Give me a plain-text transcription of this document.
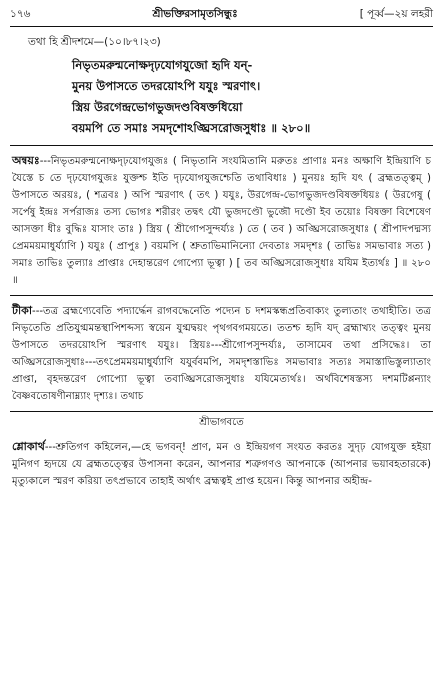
১৭৬	শ্রীভক্তিরসামৃতসিন্ধুঃ	[ পূর্ব্ব—২য় লহরী
তথা হি শ্রীদশমে—(১০।৮৭।২৩)
নিভৃতমরুন্মনোক্ষদৃঢ়যোগযুজো হৃদি যন্-
মুনয় উপাসতে তদরয়োঽপি যযুঃ স্মরণাৎ।
স্ত্রিয় উরগেন্দ্রভোগভুজদণ্ডবিষক্তধিয়ো
বয়মপি তে সমাঃ সমদৃশোঽঙ্ঘ্রিসরোজসুধাঃ ॥ ২৮০॥

অন্বয়ঃ---নিভৃতমরুন্মনোক্ষদৃঢ়যোগযুজঃ ( নিভৃতানি সংযমিতানি মরুতঃ প্রাণাঃ মনঃ অক্ষাণি ইন্দ্রিয়াণি চ যৈস্তে চ তে দৃঢ়যোগযুজঃ যুক্তশ্চ ইতি দৃঢ়যোগযুজশ্চেতি তথাবিধাঃ ) মুনয়ঃ হৃদি যৎ ( ব্রহ্মতত্ত্বম্ ) উপাসতে অরয়ঃ, ( শত্রবঃ ) অপি স্মরণাৎ ( তৎ ) যযুঃ, উরগেন্দ্র-ভোগভুজদণ্ডবিষক্তধিয়ঃ ( উরগেষু ( সর্পেষু ইন্দ্রঃ সর্পরাজঃ তস্য ভোগঃ শরীরং তদ্বৎ যৌ ভুজদণ্ডৌ ভুজৌ দণ্ডৌ ইব তয়োঃ বিষক্তা বিশেষেণ আসক্তা ধীঃ বুদ্ধিঃ যাসাং তাঃ ) স্ত্রিয় ( শ্রীগোপসুন্দর্য্যঃ ) তে ( তব ) অঙ্ঘ্রিসরোজসুধাঃ ( শ্রীপাদপদ্মস্য প্রেমময়মাধুর্য্যাণি ) যযুঃ ( প্রাপুঃ ) বয়মপি ( শ্রুতাভিমানিন্যো দেবতাঃ সমদৃশঃ ( তাভিঃ সমভাবাঃ সত্য ) সমাঃ তাভিঃ তুল্যাঃ প্রাপ্তাঃ দেহান্তরেণ গোপ্যো ভূত্বা ) [ তব অঙ্ঘ্রিসরোজসুধাঃ যযিম ইত্যর্থঃ ] ॥ ২৮০ ॥

টীকা---তত্র ব্রহ্মণ্যেবেতি পদ্যার্দ্ধেন রাগবদ্ধেনেতি পদ্যেন চ দশমস্কন্ধপ্রতিবাক্যং তুল্যতাং তথাহীতি। তত্র নিভৃতেতি প্রতিযুগ্মমন্তস্থাপিশব্দস্য স্বয়েন যুগ্মদ্বয়ং পৃথগবগময়তে। ততশ্চ হৃদি যদ্ ব্রহ্মাখ্যং তত্ত্বং মুনয় উপাসতে তদরয়োঽপি স্মরণাৎ যযুঃ। স্ত্রিয়ঃ---শ্রীগোপসুন্দর্য্যঃ, তাসামেব তথা প্রসিদ্ধেঃ। তা অঙ্ঘ্রিসরোজসুধাঃ---তৎপ্রেমময়মাধুর্য্যাণি যযুর্ববমপি, সমদৃশস্তাভিঃ সমভাবাঃ সত্যঃ সমাস্তাভিস্তুল্যাতাং প্রাপ্তা, বৃহদন্তরেণ গোপ্যো ভূত্বা তবাঙ্ঘ্রিসরোজসুধাঃ যযিমেত্যর্থঃ। অর্থবিশেষস্তস্য দশমটিপ্পন্যাং বৈষ্ণবতোষণীনাম্ন্যাং দৃশ্যঃ। তথাচ

শ্রীভাগবতে

শ্লোকার্থ---শ্রুতিগণ কহিলেন,—হে ভগবন্! প্রাণ, মন ও ইন্দ্রিয়গণ সংযত করতঃ সুদৃঢ় যোগযুক্ত হইয়া মুনিগণ হৃদয়ে যে ব্রহ্মতত্ত্বের উপাসনা করেন, আপনার শত্রুগণও আপনাকে (আপনার ভয়াবহতারকে) মৃত্যুকালে স্মরণ করিয়া তৎপ্রভাবে তাহাই অর্থাৎ ব্রহ্মত্বই প্রাপ্ত হয়েন। কিন্তু আপনার অহীন্দ্র-
